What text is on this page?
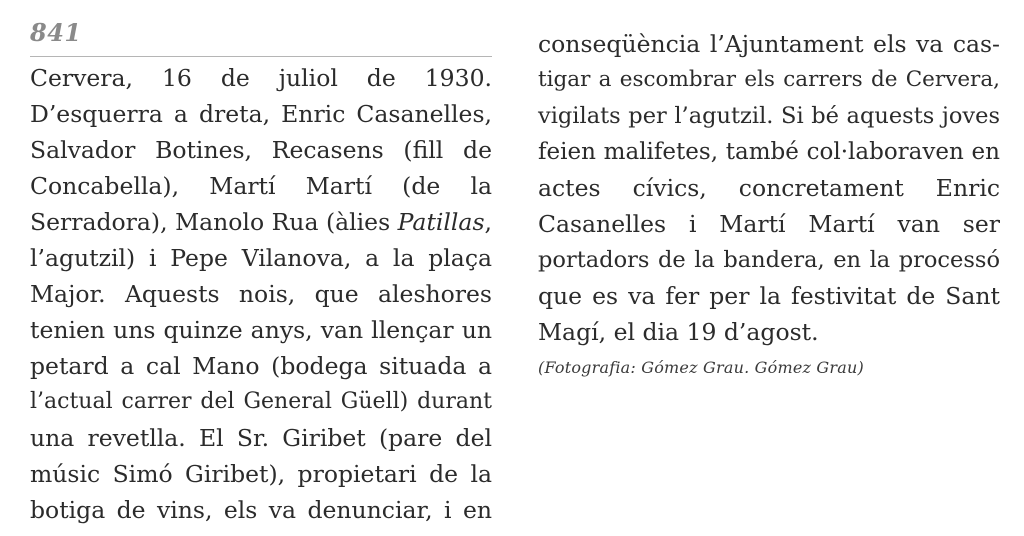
841
Cervera, 16 de juliol de 1930.
D’esquerra a dreta, Enric Casanelles,
Salvador Botines, Recasens (fill de
Concabella), Martí Martí (de la
Serradora), Manolo Rua (àlies Patillas,
l’agutzil) i Pepe Vilanova, a la plaça
Major. Aquests nois, que aleshores
tenien uns quinze anys, van llençar un
petard a cal Mano (bodega situada a
l’actual carrer del General Güell) durant
una revetlla. El Sr. Giribet (pare del
músic Simó Giribet), propietari de la
botiga de vins, els va denunciar, i en
conseqüència l’Ajuntament els va cas-
tigar a escombrar els carrers de Cervera,
vigilats per l’agutzil. Si bé aquests joves
feien malifetes, també col·laboraven en
actes cívics, concretament Enric
Casanelles i Martí Martí van ser
portadors de la bandera, en la processó
que es va fer per la festivitat de Sant
Magí, el dia 19 d’agost.
(Fotografia: Gómez Grau. Gómez Grau)
